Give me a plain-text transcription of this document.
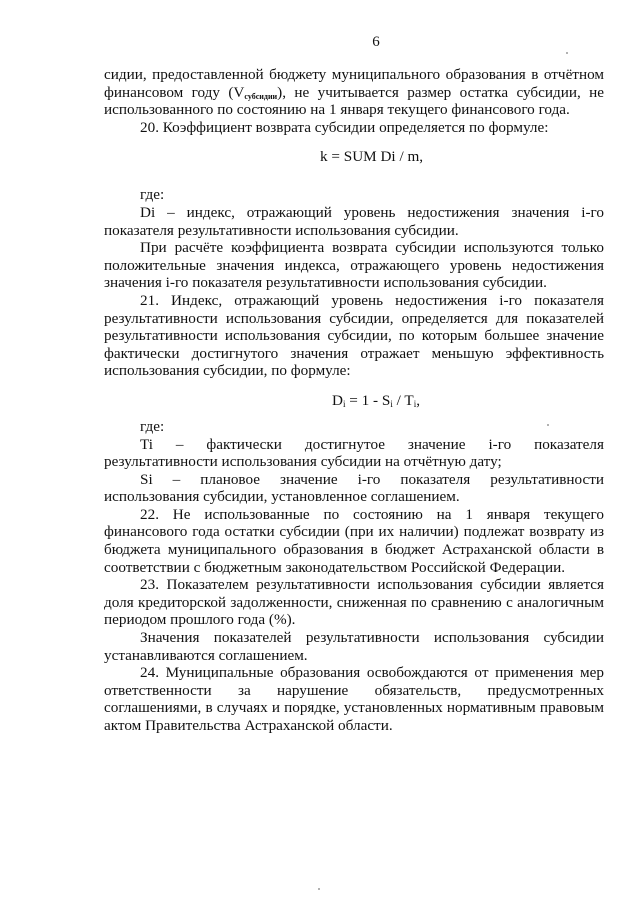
6

сидии, предоставленной бюджету муниципального образования в отчётном финансовом году $(V_{субсидии})$, не учитывается размер остатка субсидии, не использованного по состоянию на 1 января текущего финансового года.

20. Коэффициент возврата субсидии определяется по формуле:

k = SUM Di / m,

где:

Di – индекс, отражающий уровень недостижения значения i-го показателя результативности использования субсидии.

При расчёте коэффициента возврата субсидии используются только положительные значения индекса, отражающего уровень недостижения значения i-го показателя результативности использования субсидии.

21. Индекс, отражающий уровень недостижения i-го показателя результативности использования субсидии, определяется для показателей результативности использования субсидии, по которым большее значение фактически достигнутого значения отражает меньшую эффективность использования субсидии, по формуле:

$D_i = 1 - S_i / T_i$,

где:

Ti – фактически достигнутое значение i-го показателя результативности использования субсидии на отчётную дату;

Si – плановое значение i-го показателя результативности использования субсидии, установленное соглашением.

22. Не использованные по состоянию на 1 января текущего финансового года остатки субсидии (при их наличии) подлежат возврату из бюджета муниципального образования в бюджет Астраханской области в соответствии с бюджетным законодательством Российской Федерации.

23. Показателем результативности использования субсидии является доля кредиторской задолженности, сниженная по сравнению с аналогичным периодом прошлого года (%).

Значения показателей результативности использования субсидии устанавливаются соглашением.

24. Муниципальные образования освобождаются от применения мер ответственности за нарушение обязательств, предусмотренных соглашениями, в случаях и порядке, установленных нормативным правовым актом Правительства Астраханской области.
